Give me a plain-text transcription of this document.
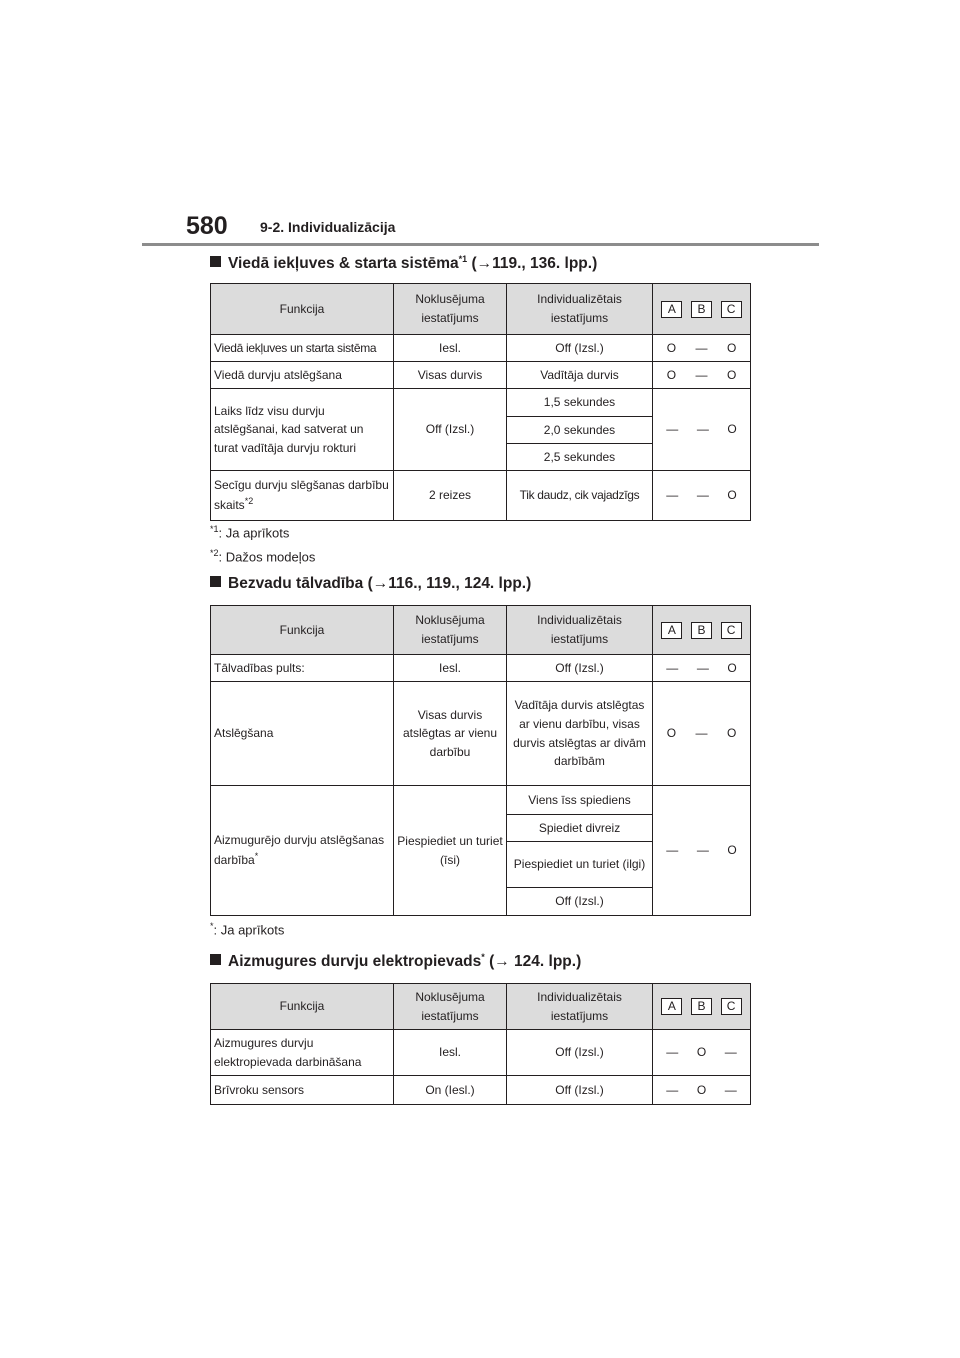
580 9-2. Individualizācija
Viedā iekļuves & starta sistēma$^{*1}$ (→119., 136. lpp.)
Funkcija	Noklusējuma iestatījums	Individualizētais iestatījums	A B C

Viedā iekļuves un starta sistēma	Iesl.	Off (Izsl.)	O — O

Viedā durvju atslēgšana	Visas durvis	Vadītāja durvis	O — O

Laiks līdz visu durvju atslēgšanai, kad satverat un turat vadītāja durvju rokturi	Off (Izsl.)	1,5 sekundes	— — O

		2,0 sekundes	
		2,5 sekundes	
Secīgu durvju slēgšanas darbību skaits$^{*2}$	2 reizes	Tik daudz, cik vajadzīgs	— — O
$^{*1}$: Ja aprīkots
$^{*2}$: Dažos modeļos
Bezvadu tālvadība (→116., 119., 124. lpp.)
Funkcija	Noklusējuma iestatījums	Individualizētais iestatījums	A B C

Tālvadības pults:	Iesl.	Off (Izsl.)	— — O

Atslēgšana	Visas durvis atslēgtas ar vienu darbību	Vadītāja durvis atslēgtas ar vienu darbību, visas durvis atslēgtas ar divām darbībām	O — O

Aizmugurējo durvju atslēgšanas darbība*	Piespiediet un turiet (īsi)	Viens īss spiediens	— — O

		Spiediet divreiz	
		Piespiediet un turiet (ilgi)	
		Off (Izsl.)	
*: Ja aprīkots
Aizmugures durvju elektropievads* (→ 124. lpp.)
Funkcija	Noklusējuma iestatījums	Individualizētais iestatījums	A B C

Aizmugures durvju elektropievada darbināšana	Iesl.	Off (Izsl.)	— O —

Brīvroku sensors	On (Iesl.)	Off (Izsl.)	— O —
